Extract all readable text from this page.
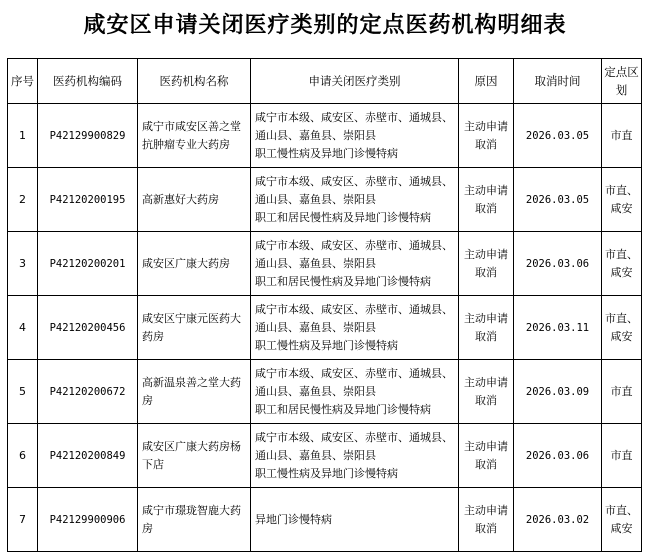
咸安区申请关闭医疗类别的定点医药机构明细表
序号	医药机构编码	医药机构名称	申请关闭医疗类别	原因	取消时间	定点区划
1	P42129900829	咸宁市咸安区善之堂抗肿瘤专业大药房	咸宁市本级、咸安区、赤壁市、通城县、
通山县、嘉鱼县、崇阳县
职工慢性病及异地门诊慢特病	主动申请取消	2026.03.05	市直
2	P42120200195	高新惠好大药房	咸宁市本级、咸安区、赤壁市、通城县、
通山县、嘉鱼县、崇阳县
职工和居民慢性病及异地门诊慢特病	主动申请取消	2026.03.05	市直、咸安
3	P42120200201	咸安区广康大药房	咸宁市本级、咸安区、赤壁市、通城县、
通山县、嘉鱼县、崇阳县
职工和居民慢性病及异地门诊慢特病	主动申请取消	2026.03.06	市直、咸安
4	P42120200456	咸安区宁康元医药大药房	咸宁市本级、咸安区、赤壁市、通城县、
通山县、嘉鱼县、崇阳县
职工慢性病及异地门诊慢特病	主动申请取消	2026.03.11	市直、咸安
5	P42120200672	高新温泉善之堂大药房	咸宁市本级、咸安区、赤壁市、通城县、
通山县、嘉鱼县、崇阳县
职工和居民慢性病及异地门诊慢特病	主动申请取消	2026.03.09	市直
6	P42120200849	咸安区广康大药房杨下店	咸宁市本级、咸安区、赤壁市、通城县、
通山县、嘉鱼县、崇阳县
职工慢性病及异地门诊慢特病	主动申请取消	2026.03.06	市直
7	P42129900906	咸宁市璟珑智鹿大药房	异地门诊慢特病	主动申请取消	2026.03.02	市直、咸安
